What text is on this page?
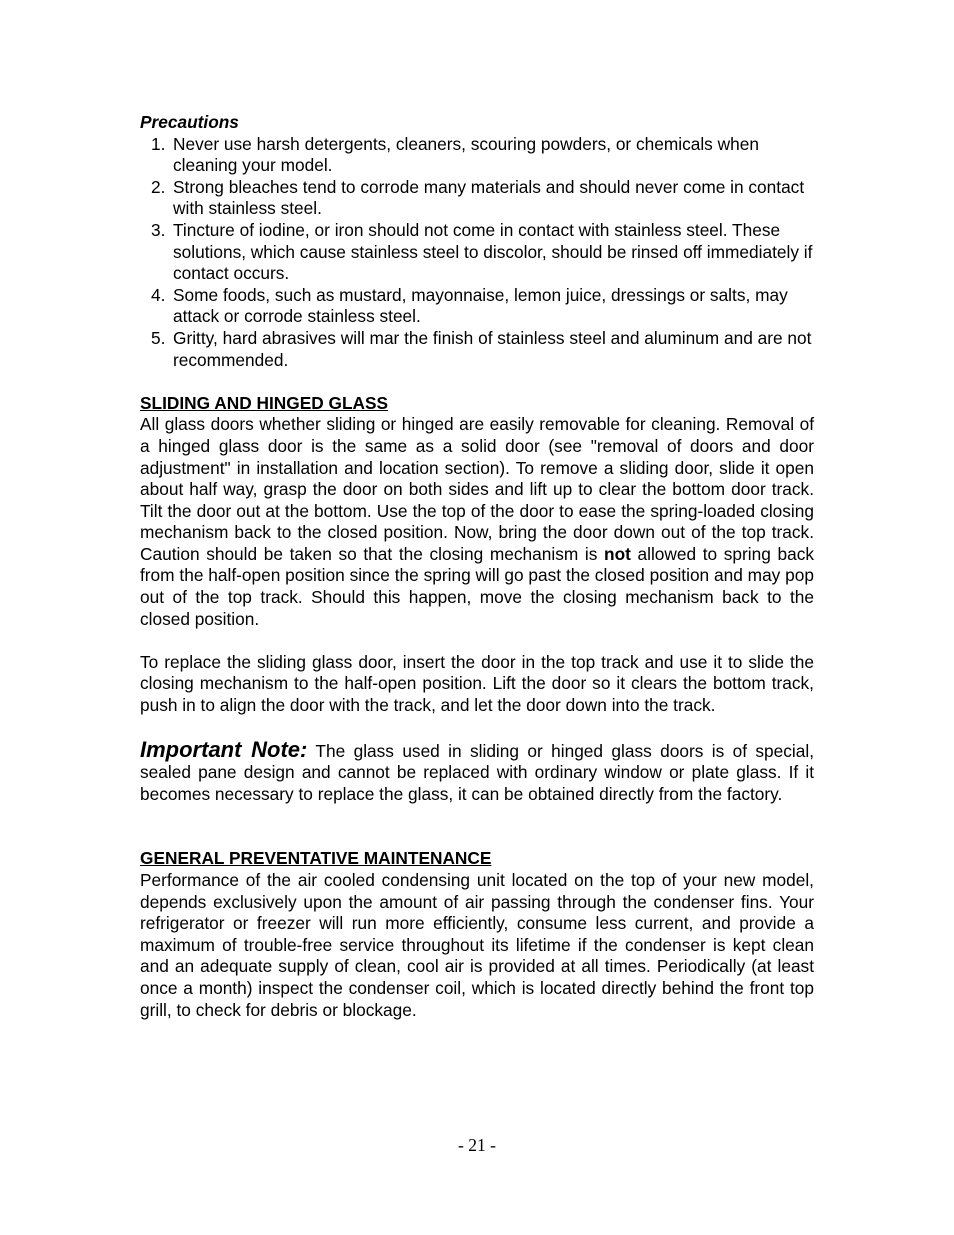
Precautions
1. Never use harsh detergents, cleaners, scouring powders, or chemicals when cleaning your model.
2. Strong bleaches tend to corrode many materials and should never come in contact with stainless steel.
3. Tincture of iodine, or iron should not come in contact with stainless steel. These solutions, which cause stainless steel to discolor, should be rinsed off immediately if contact occurs.
4. Some foods, such as mustard, mayonnaise, lemon juice, dressings or salts, may attack or corrode stainless steel.
5. Gritty, hard abrasives will mar the finish of stainless steel and aluminum and are not recommended.
SLIDING AND HINGED GLASS

All glass doors whether sliding or hinged are easily removable for cleaning. Removal of a hinged glass door is the same as a solid door (see "removal of doors and door adjustment" in installation and location section). To remove a sliding door, slide it open about half way, grasp the door on both sides and lift up to clear the bottom door track. Tilt the door out at the bottom. Use the top of the door to ease the spring-loaded closing mechanism back to the closed position. Now, bring the door down out of the top track. Caution should be taken so that the closing mechanism is not allowed to spring back from the half-open position since the spring will go past the closed position and may pop out of the top track. Should this happen, move the closing mechanism back to the closed position.

To replace the sliding glass door, insert the door in the top track and use it to slide the closing mechanism to the half-open position. Lift the door so it clears the bottom track, push in to align the door with the track, and let the door down into the track.

Important Note: The glass used in sliding or hinged glass doors is of special, sealed pane design and cannot be replaced with ordinary window or plate glass. If it becomes necessary to replace the glass, it can be obtained directly from the factory.

GENERAL PREVENTATIVE MAINTENANCE

Performance of the air cooled condensing unit located on the top of your new model, depends exclusively upon the amount of air passing through the condenser fins. Your refrigerator or freezer will run more efficiently, consume less current, and provide a maximum of trouble-free service throughout its lifetime if the condenser is kept clean and an adequate supply of clean, cool air is provided at all times. Periodically (at least once a month) inspect the condenser coil, which is located directly behind the front top grill, to check for debris or blockage.

- 21 -
